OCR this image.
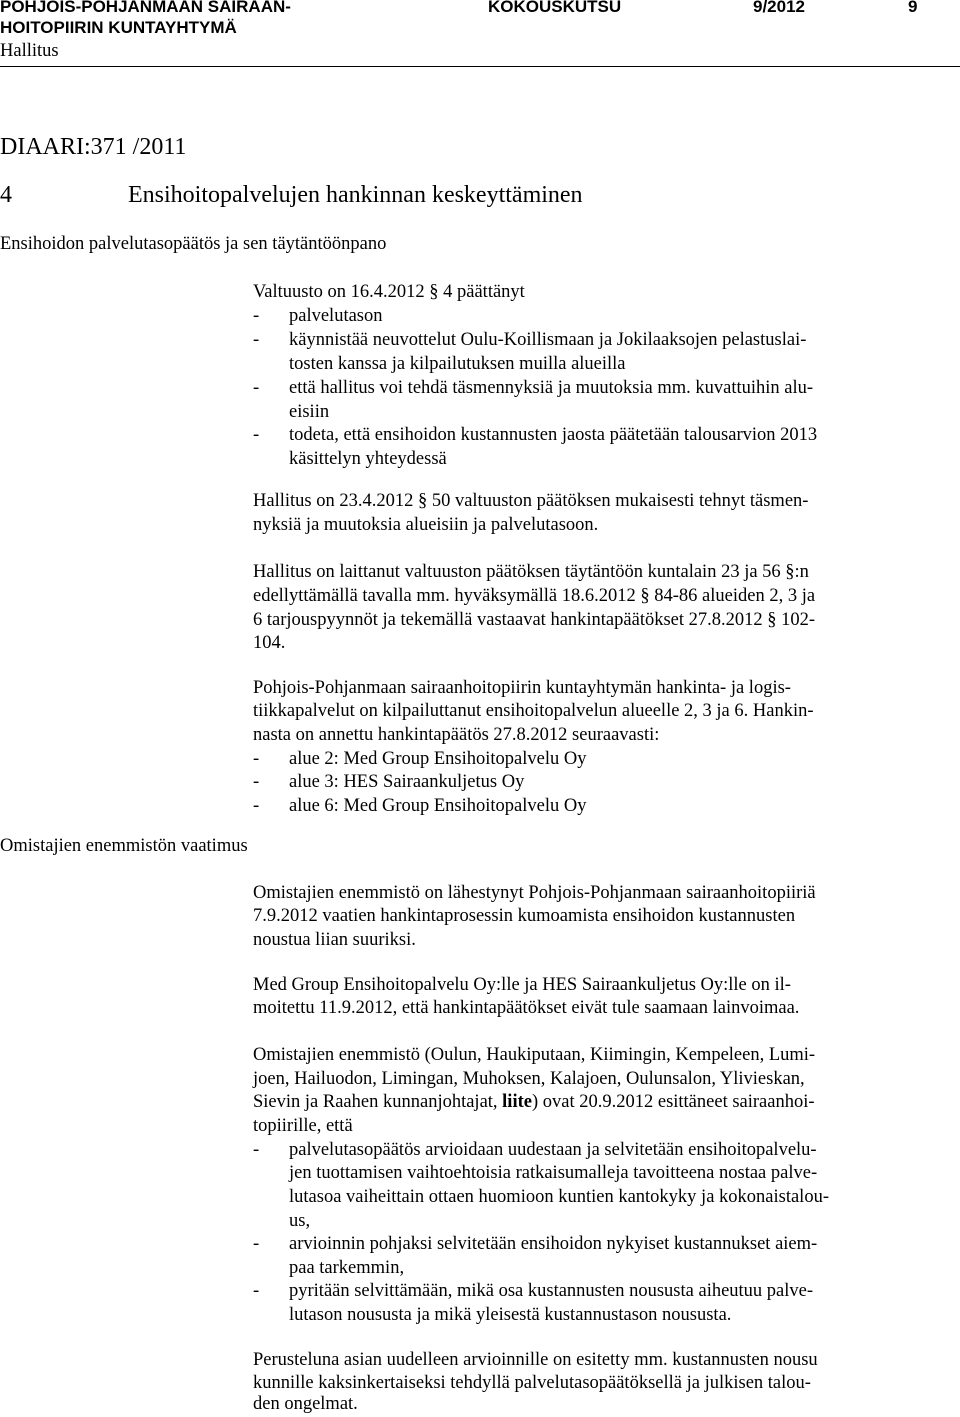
POHJOIS-POHJANMAAN SAIRAAN-
HOITOPIIRIN KUNTAYHTYMÄ
KOKOUSKUTSU	9/2012	9
Hallitus
DIAARI:371 /2011
4	Ensihoitopalvelujen hankinnan keskeyttäminen
Ensihoidon palvelutasopäätös ja sen täytäntöönpano
Omistajien enemmistön vaatimus
Valtuusto on 16.4.2012 § 4 päättänyt
- palvelutason
- käynnistää neuvottelut Oulu-Koillismaan ja Jokilaaksojen pelastuslai-
tosten kanssa ja kilpailutuksen muilla alueilla
- että hallitus voi tehdä täsmennyksiä ja muutoksia mm. kuvattuihin alu-
eisiin
- todeta, että ensihoidon kustannusten jaosta päätetään talousarvion 2013
käsittelyn yhteydessä
Hallitus on 23.4.2012 § 50 valtuuston päätöksen mukaisesti tehnyt täsmen-
nyksiä ja muutoksia alueisiin ja palvelutasoon.
Hallitus on laittanut valtuuston päätöksen täytäntöön kuntalain 23 ja 56 §:n
edellyttämällä tavalla mm. hyväksymällä 18.6.2012 § 84-86 alueiden 2, 3 ja
6 tarjouspyynnöt ja tekemällä vastaavat hankintapäätökset 27.8.2012 § 102-
104.
Pohjois-Pohjanmaan sairaanhoitopiirin kuntayhtymän hankinta- ja logis-
tiikkapalvelut on kilpailuttanut ensihoitopalvelun alueelle 2, 3 ja 6. Hankin-
nasta on annettu hankintapäätös 27.8.2012 seuraavasti:
- alue 2: Med Group Ensihoitopalvelu Oy
- alue 3: HES Sairaankuljetus Oy
- alue 6: Med Group Ensihoitopalvelu Oy
Omistajien enemmistö on lähestynyt Pohjois-Pohjanmaan sairaanhoitopiiriä
7.9.2012 vaatien hankintaprosessin kumoamista ensihoidon kustannusten
noustua liian suuriksi.
Med Group Ensihoitopalvelu Oy:lle ja HES Sairaankuljetus Oy:lle on il-
moitettu 11.9.2012, että hankintapäätökset eivät tule saamaan lainvoimaa.
Omistajien enemmistö (Oulun, Haukiputaan, Kiimingin, Kempeleen, Lumi-
joen, Hailuodon, Limingan, Muhoksen, Kalajoen, Oulunsalon, Ylivieskan,
Sievin ja Raahen kunnanjohtajat, liite) ovat 20.9.2012 esittäneet sairaanhoi-
topiirille, että
- palvelutasopäätös arvioidaan uudestaan ja selvitetään ensihoitopalvelu-
jen tuottamisen vaihtoehtoisia ratkaisumalleja tavoitteena nostaa palve-
lutasoa vaiheittain ottaen huomioon kuntien kantokyky ja kokonaistalou-
us,
- arvioinnin pohjaksi selvitetään ensihoidon nykyiset kustannukset aiem-
paa tarkemmin,
- pyritään selvittämään, mikä osa kustannusten noususta aiheutuu palve-
lutason noususta ja mikä yleisestä kustannustason noususta.
Perusteluna asian uudelleen arvioinnille on esitetty mm. kustannusten nousu
kunnille kaksinkertaiseksi tehdyllä palvelutasopäätöksellä ja julkisen talou-
den ongelmat.
